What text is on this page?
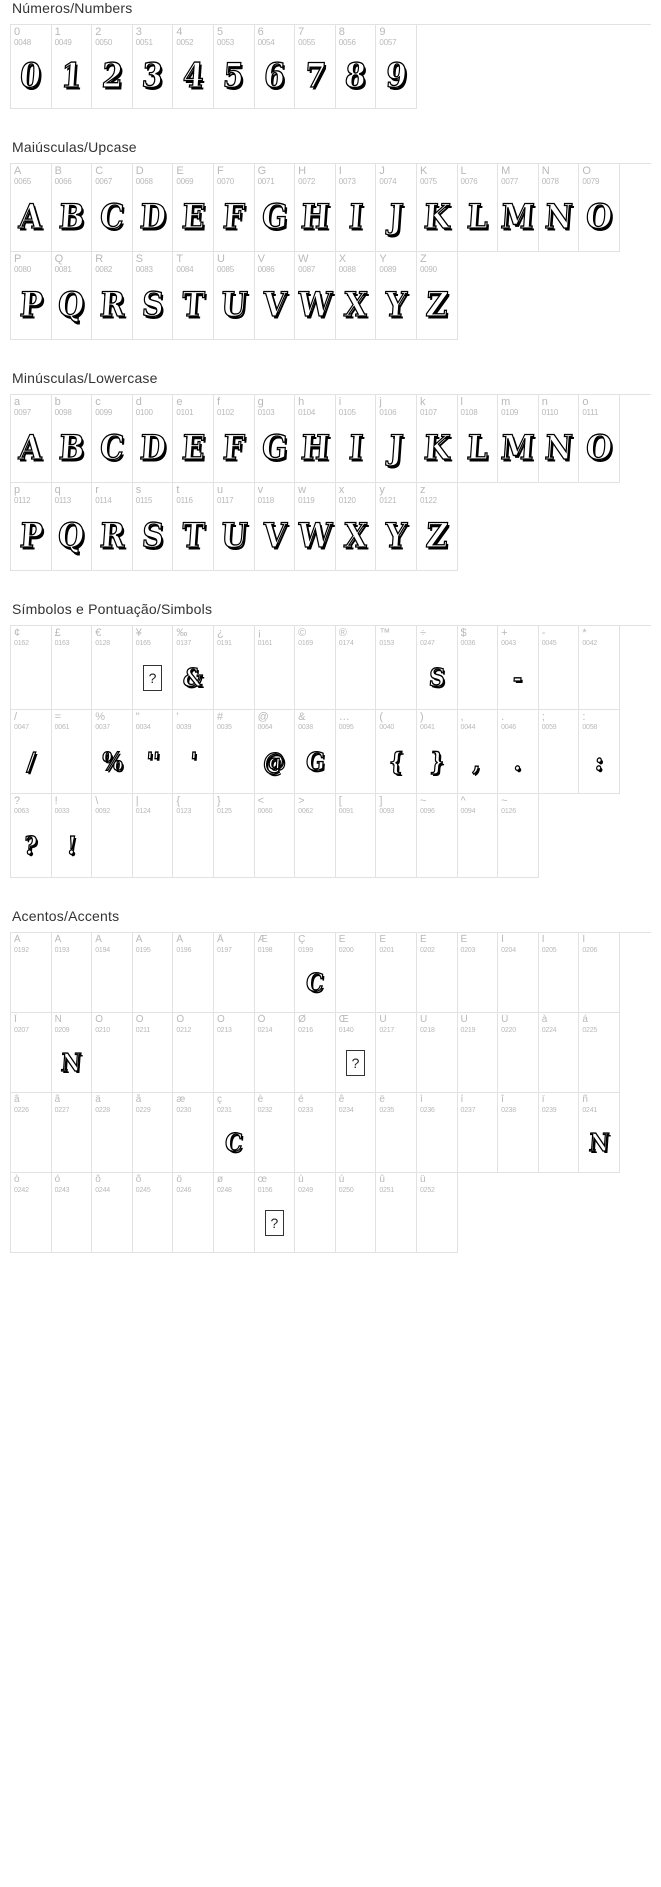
Números/Numbers
0
0048
0
1
0049
1
2
0050
2
3
0051
3
4
0052
4
5
0053
5
6
0054
6
7
0055
7
8
0056
8
9
0057
9
Maiúsculas/Upcase
A
0065
A
B
0066
B
C
0067
C
D
0068
D
E
0069
E
F
0070
F
G
0071
G
H
0072
H
I
0073
I
J
0074
J
K
0075
K
L
0076
L
M
0077
M
N
0078
N
O
0079
O
P
0080
P
Q
0081
Q
R
0082
R
S
0083
S
T
0084
T
U
0085
U
V
0086
V
W
0087
W
X
0088
X
Y
0089
Y
Z
0090
Z
Minúsculas/Lowercase
a
0097
A
b
0098
B
c
0099
C
d
0100
D
e
0101
E
f
0102
F
g
0103
G
h
0104
H
i
0105
I
j
0106
J
k
0107
K
l
0108
L
m
0109
M
n
0110
N
o
0111
O
p
0112
P
q
0113
Q
r
0114
R
s
0115
S
t
0116
T
u
0117
U
v
0118
V
w
0119
W
x
0120
X
y
0121
Y
z
0122
Z
Símbolos e Pontuação/Simbols
¢
0162
£
0163
€
0128
¥
0165
?
‰
0137
&
¿
0191
¡
0161
©
0169
®
0174
™
0153
÷
0247
S
$
0036
+
0043
-
-
0045
*
0042
/
0047
/
=
0061
%
0037
%
"
0034
''
'
0039
'
#
0035
@
0064
@
&
0038
G
…
0095
(
0040
{
)
0041
}
,
0044
,
.
0046
.
;
0059
:
0058
:
?
0063
?
!
0033
!
\
0092
|
0124
{
0123
}
0125
<
0060
>
0062
[
0091
]
0093
~
0096
^
0094
~
0126
Acentos/Accents
À
0192
Á
0193
Â
0194
Ã
0195
Ä
0196
Å
0197
Æ
0198
Ç
0199
C
È
0200
É
0201
Ê
0202
Ë
0203
Ì
0204
Í
0205
Î
0206
Ï
0207
Ñ
0209
N
Ò
0210
Ó
0211
Ô
0212
Õ
0213
Ö
0214
Ø
0216
Œ
0140
?
Ù
0217
Ú
0218
Û
0219
Ü
0220
à
0224
á
0225
â
0226
ã
0227
ä
0228
å
0229
æ
0230
ç
0231
C
è
0232
é
0233
ê
0234
ë
0235
ì
0236
í
0237
î
0238
ï
0239
ñ
0241
N
ò
0242
ó
0243
ô
0244
õ
0245
ö
0246
ø
0248
œ
0156
?
ù
0249
ú
0250
û
0251
ü
0252
